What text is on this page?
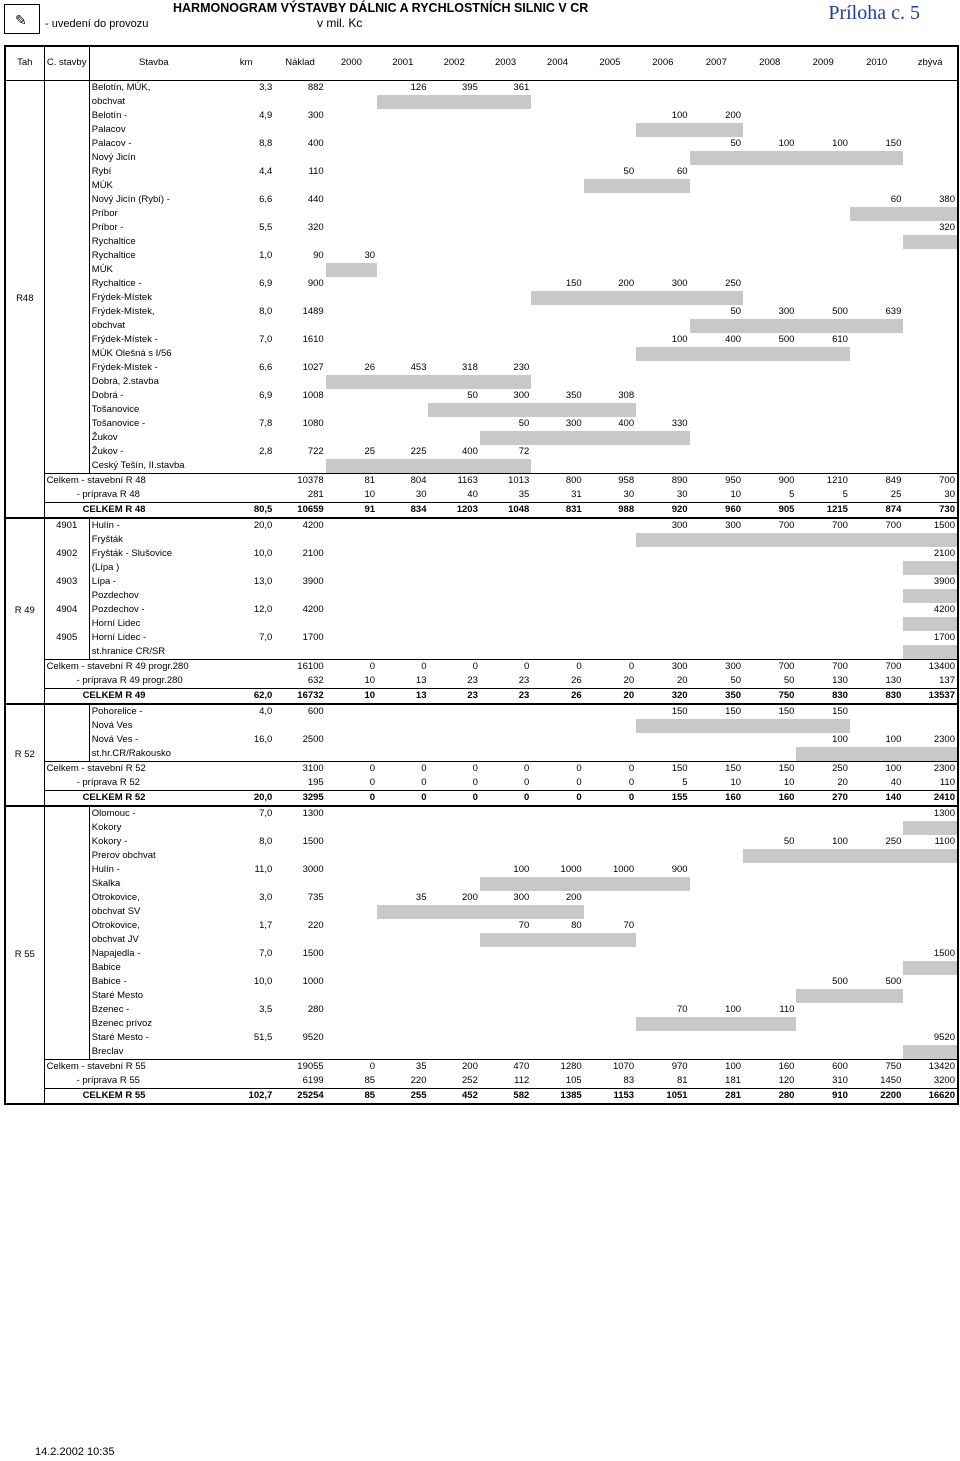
✎ - uvedení do provozu
HARMONOGRAM VÝSTAVBY DÁLNIC A RYCHLOSTNÍCH SILNIC V CR
v mil. Kc	Príloha c. 5
Tah	C. stavby	Stavba	km	Náklad	2000	2001	2002	2003	2004	2005	2006	2007	2008	2009	2010	zbývá
R48		Belotín, MÚK,	3,3	882		126	395	361								
		obchvat														
		Belotín -	4,9	300							100	200				
		Palacov														
		Palacov -	8,8	400								50	100	100	150	
		Nový Jicín														
		Rybí	4,4	110						50	60					
		MÚK														
		Nový Jicín (Rybí) -	6,6	440											60	380
		Príbor														
		Príbor -	5,5	320												320
		Rychaltice														
		Rychaltice	1,0	90	30											
		MÚK														
		Rychaltice -	6,9	900					150	200	300	250				
		Frýdek-Místek														
		Frýdek-Místek,	8,0	1489								50	300	500	639	
		obchvat														
		Frýdek-Místek -	7,0	1610							100	400	500	610		
		MÚK Olešná s I/56														
		Frýdek-Místek -	6,6	1027	26	453	318	230								
		Dobrá, 2.stavba														
		Dobrá -	6,9	1008			50	300	350	308						
		Tošanovice														
		Tošanovice -	7,8	1080				50	300	400	330					
		Žukov														
		Žukov -	2,8	722	25	225	400	72								
		Ceský Tešín, II.stavba														
	Celkem - stavební R 48			10378	81	804	1163	1013	800	958	890	950	900	1210	849	700
	- príprava R 48			281	10	30	40	35	31	30	30	10	5	5	25	30
	CELKEM R 48		80,5	10659	91	834	1203	1048	831	988	920	960	905	1215	874	730
R 49	4901	Hulín -	20,0	4200							300	300	700	700	700	1500
		Fryšták														
	4902	Fryšták - Slušovice	10,0	2100												2100
		(Lípa )														
	4903	Lípa -	13,0	3900												3900
		Pozdechov														
	4904	Pozdechov -	12,0	4200												4200
		Horní Lidec														
	4905	Horní Lidec -	7,0	1700												1700
		st.hranice CR/SR														
	Celkem - stavební R 49 progr.280			16100	0	0	0	0	0	0	300	300	700	700	700	13400
	- príprava R 49 progr.280			632	10	13	23	23	26	20	20	50	50	130	130	137
	CELKEM R 49		62,0	16732	10	13	23	23	26	20	320	350	750	830	830	13537
R 52		Pohorelice -	4,0	600							150	150	150	150		
		Nová Ves														
		Nová Ves -	16,0	2500										100	100	2300
		st.hr.CR/Rakousko														
	Celkem - stavební R 52			3100	0	0	0	0	0	0	150	150	150	250	100	2300
	- príprava R 52			195	0	0	0	0	0	0	5	10	10	20	40	110
	CELKEM R 52		20,0	3295	0	0	0	0	0	0	155	160	160	270	140	2410
R 55		Olomouc -	7,0	1300												1300
		Kokory														
		Kokory -	8,0	1500									50	100	250	1100
		Prerov obchvat														
		Hulín -	11,0	3000				100	1000	1000	900					
		Skalka														
		Otrokovice,	3,0	735		35	200	300	200							
		obchvat SV														
		Otrokovice,	1,7	220				70	80	70						
		obchvat JV														
		Napajedla -	7,0	1500												1500
		Babice														
		Babice -	10,0	1000										500	500	
		Staré Mesto														
		Bzenec -	3,5	280							70	100	110			
		Bzenec prívoz														
		Staré Mesto -	51,5	9520												9520
		Breclav														
	Celkem - stavební R 55			19055	0	35	200	470	1280	1070	970	100	160	600	750	13420
	- príprava R 55			6199	85	220	252	112	105	83	81	181	120	310	1450	3200
	CELKEM R 55		102,7	25254	85	255	452	582	1385	1153	1051	281	280	910	2200	16620
14.2.2002 10:35
